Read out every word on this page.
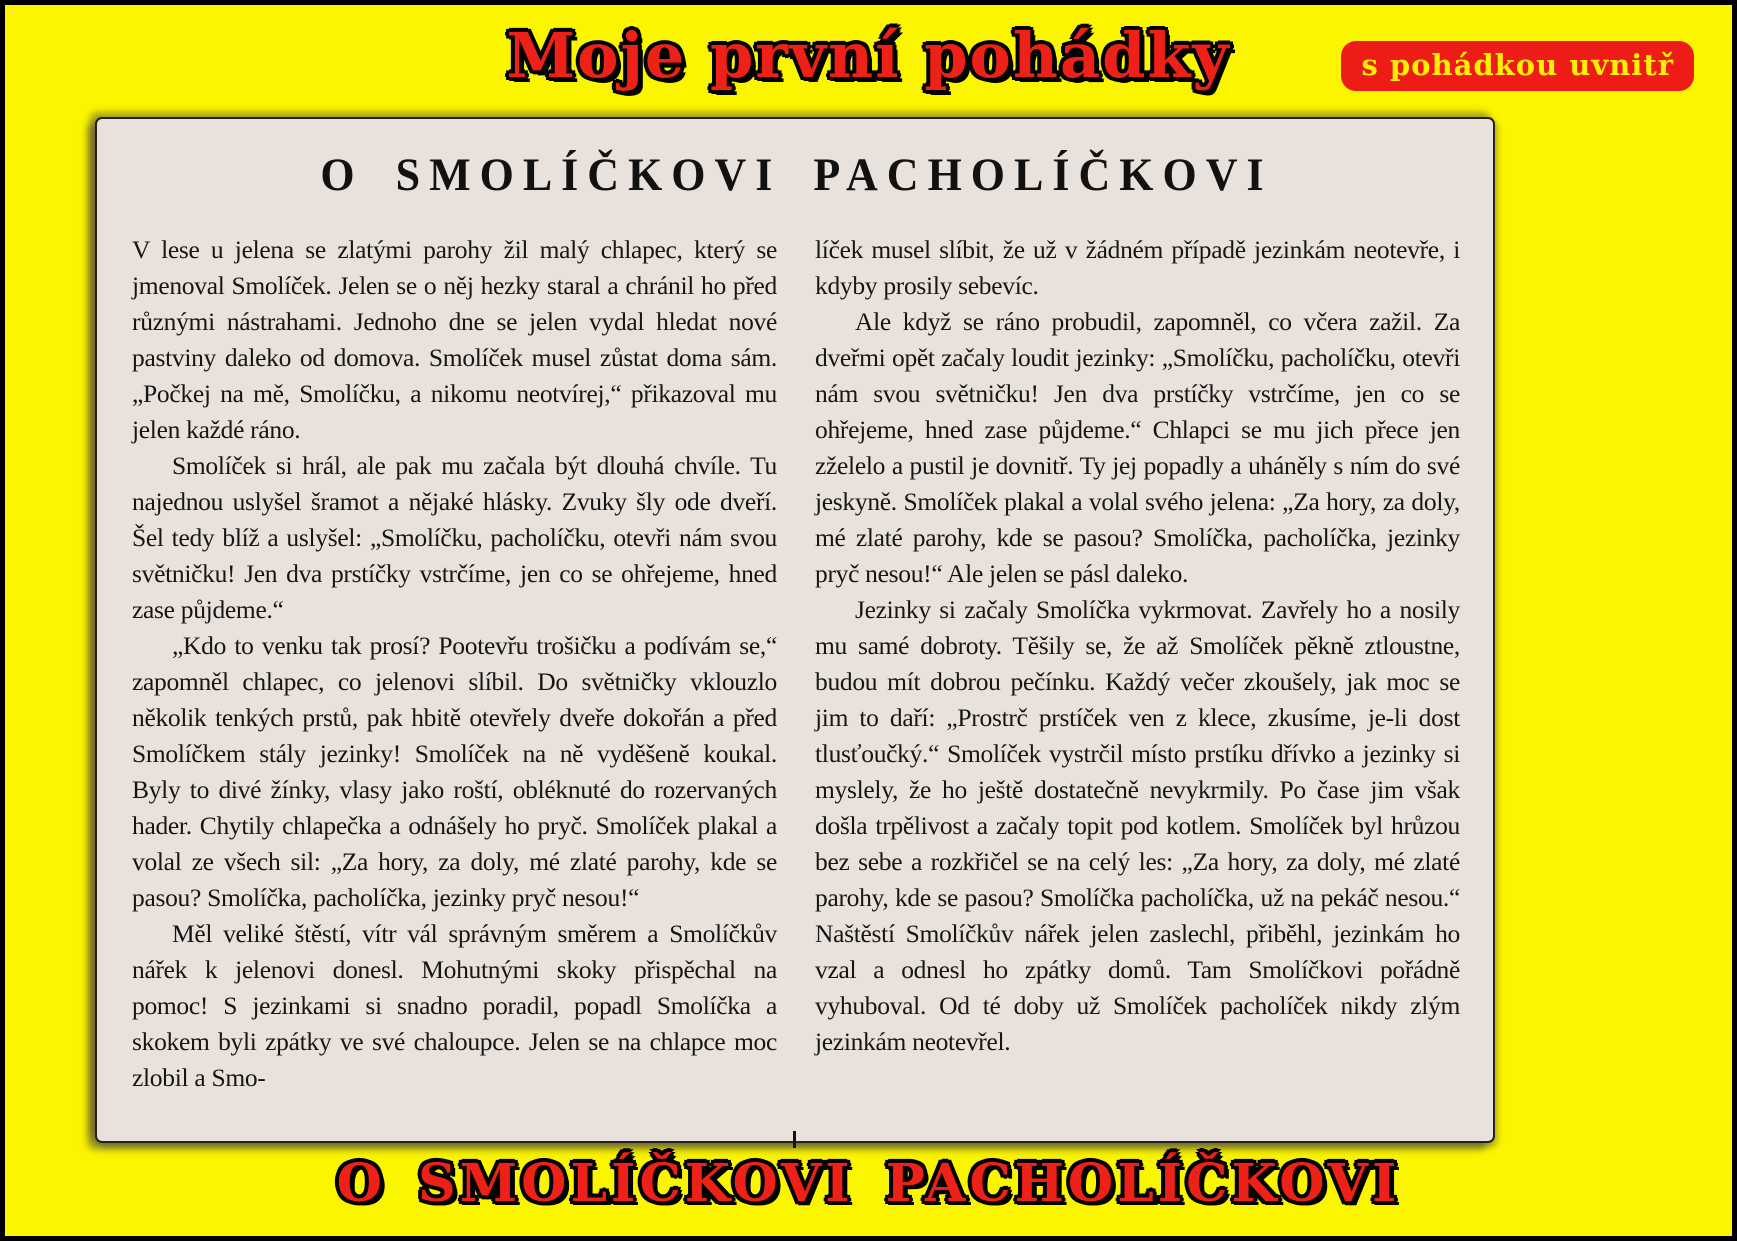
Moje první pohádky	s pohádkou uvnitř
O SMOLÍČKOVI PACHOLÍČKOVI

V lese u jelena se zlatými parohy žil malý chlapec, který se jmenoval Smolíček. Jelen se o něj hezky staral a chránil ho před různými nástrahami. Jednoho dne se jelen vydal hledat nové pastviny daleko od domova. Smolíček musel zůstat doma sám. „Počkej na mě, Smolíčku, a nikomu neotvírej,“ přikazoval mu jelen každé ráno.

Smolíček si hrál, ale pak mu začala být dlouhá chvíle. Tu najednou uslyšel šramot a nějaké hlásky. Zvuky šly ode dveří. Šel tedy blíž a uslyšel: „Smolíčku, pacholíčku, otevři nám svou světničku! Jen dva prstíčky vstrčíme, jen co se ohřejeme, hned zase půjdeme.“

„Kdo to venku tak prosí? Pootevřu trošičku a podívám se,“ zapomněl chlapec, co jelenovi slíbil. Do světničky vklouzlo několik tenkých prstů, pak hbitě otevřely dveře dokořán a před Smolíčkem stály jezinky! Smolíček na ně vyděšeně koukal. Byly to divé žínky, vlasy jako roští, obléknuté do rozervaných hader. Chytily chlapečka a odnášely ho pryč. Smolíček plakal a volal ze všech sil: „Za hory, za doly, mé zlaté parohy, kde se pasou? Smolíčka, pacholíčka, jezinky pryč nesou!“

Měl veliké štěstí, vítr vál správným směrem a Smolíčkův nářek k jelenovi donesl. Mohutnými skoky přispěchal na pomoc! S jezinkami si snadno poradil, popadl Smolíčka a skokem byli zpátky ve své chaloupce. Jelen se na chlapce moc zlobil a Smo-

líček musel slíbit, že už v žádném případě jezinkám neotevře, i kdyby prosily sebevíc.

Ale když se ráno probudil, zapomněl, co včera zažil. Za dveřmi opět začaly loudit jezinky: „Smolíčku, pacholíčku, otevři nám svou světničku! Jen dva prstíčky vstrčíme, jen co se ohřejeme, hned zase půjdeme.“ Chlapci se mu jich přece jen zželelo a pustil je dovnitř. Ty jej popadly a uháněly s ním do své jeskyně. Smolíček plakal a volal svého jelena: „Za hory, za doly, mé zlaté parohy, kde se pasou? Smolíčka, pacholíčka, jezinky pryč nesou!“ Ale jelen se pásl daleko.

Jezinky si začaly Smolíčka vykrmovat. Zavřely ho a nosily mu samé dobroty. Těšily se, že až Smolíček pěkně ztloustne, budou mít dobrou pečínku. Každý večer zkoušely, jak moc se jim to daří: „Prostrč prstíček ven z klece, zkusíme, je-li dost tlusťoučký.“ Smolíček vystrčil místo prstíku dřívko a jezinky si myslely, že ho ještě dostatečně nevykrmily. Po čase jim však došla trpělivost a začaly topit pod kotlem. Smolíček byl hrůzou bez sebe a rozkřičel se na celý les: „Za hory, za doly, mé zlaté parohy, kde se pasou? Smolíčka pacholíčka, už na pekáč nesou.“ Naštěstí Smolíčkův nářek jelen zaslechl, přiběhl, jezinkám ho vzal a odnesl ho zpátky domů. Tam Smolíčkovi pořádně vyhuboval. Od té doby už Smolíček pacholíček nikdy zlým jezinkám neotevřel.

O SMOLÍČKOVI PACHOLÍČKOVI
